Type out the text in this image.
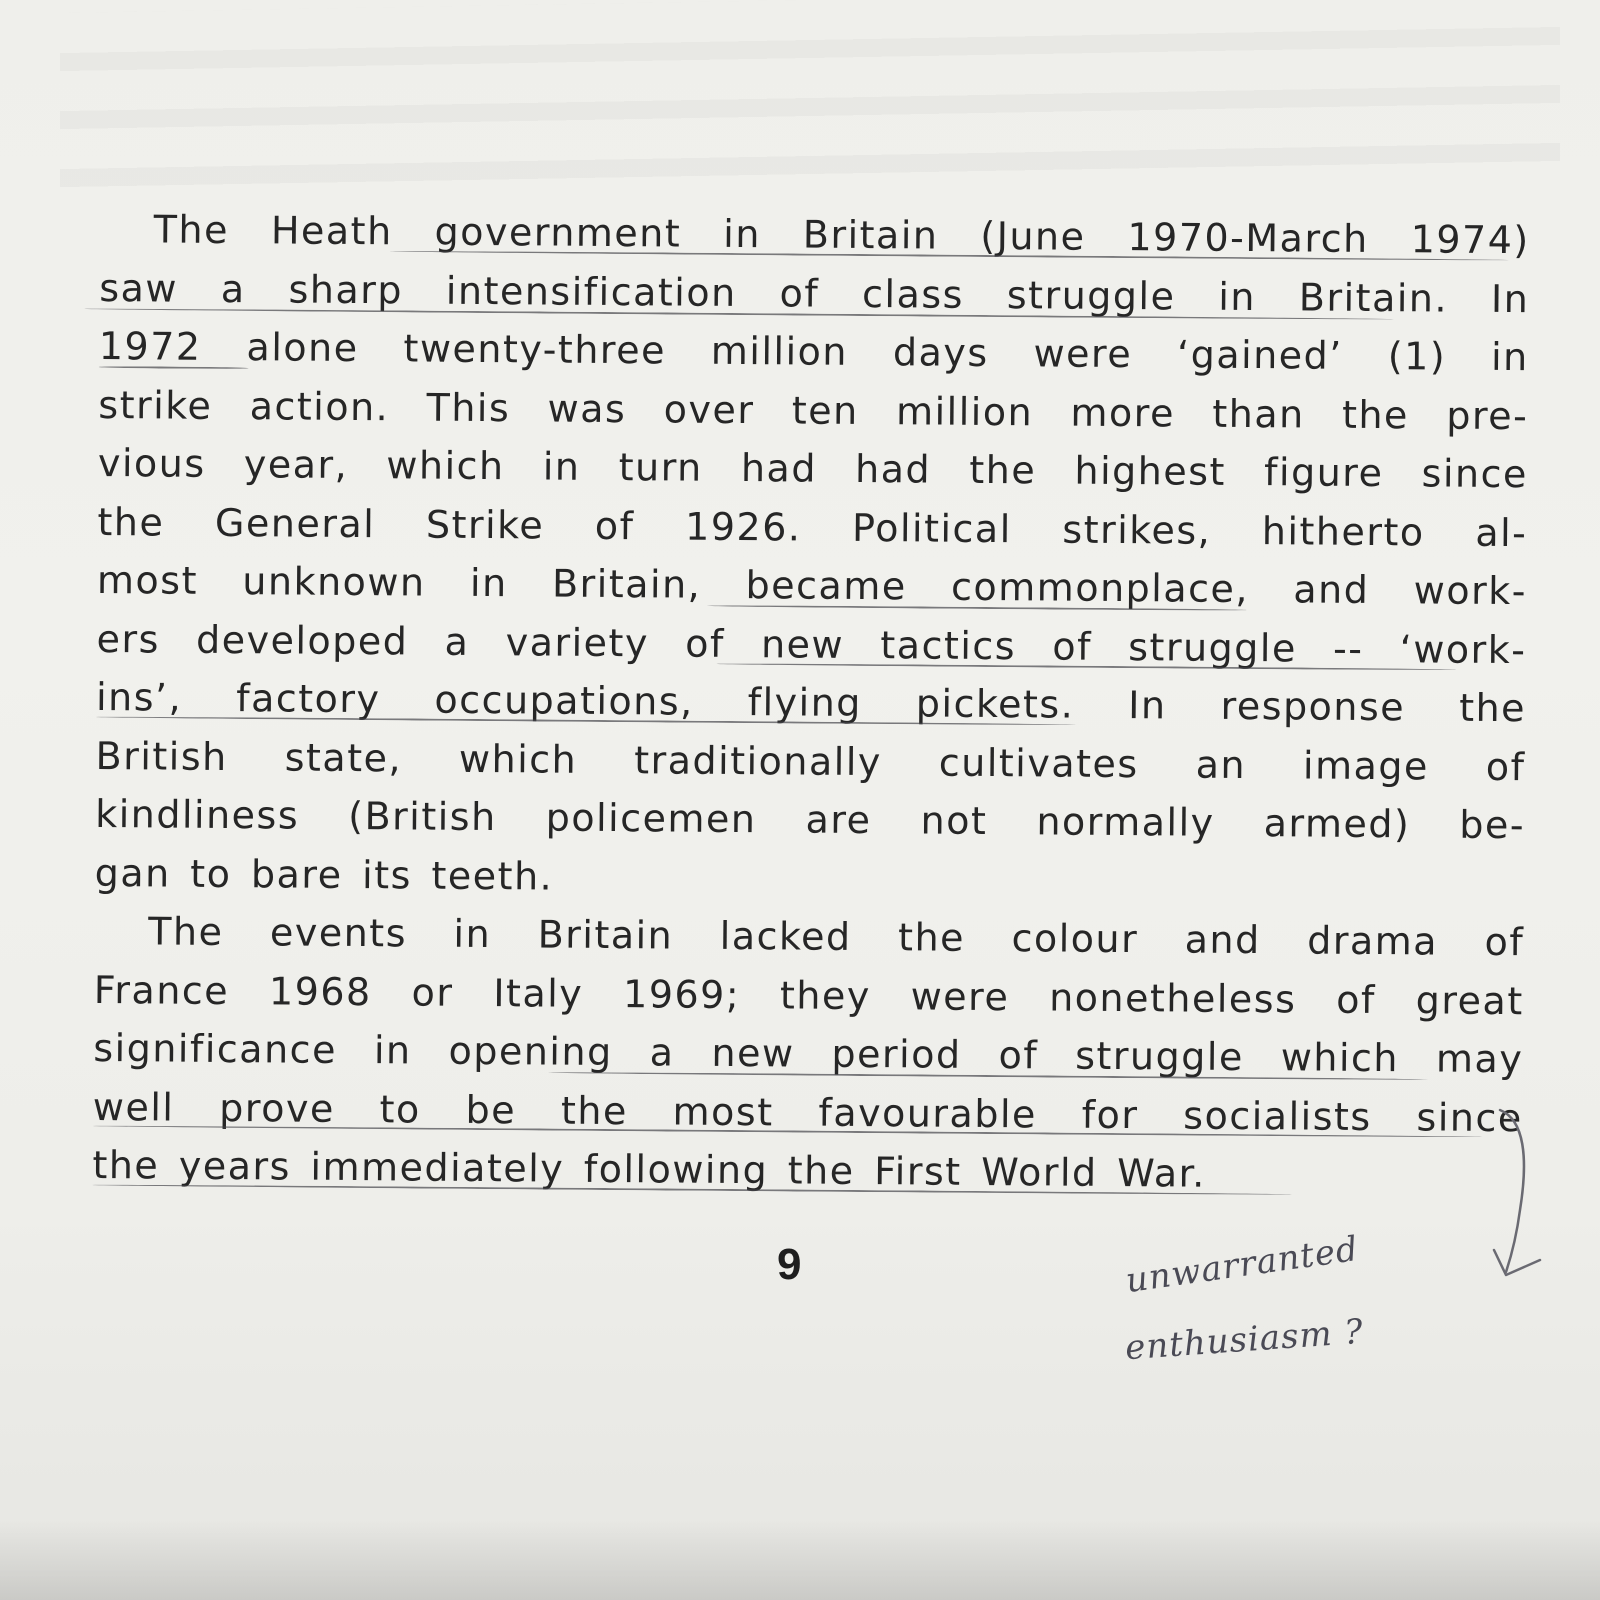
The Heath government in Britain (June 1970-March 1974)
saw a sharp intensification of class struggle in Britain. In
1972 alone twenty-three million days were ‘gained’ (1) in
strike action. This was over ten million more than the pre-
vious year, which in turn had had the highest figure since
the General Strike of 1926. Political strikes, hitherto al-
most unknown in Britain, became commonplace, and work-
ers developed a variety of new tactics of struggle -- ‘work-
ins’, factory occupations, flying pickets. In response the
British state, which traditionally cultivates an image of
kindliness (British policemen are not normally armed) be-
gan to bare its teeth.
The events in Britain lacked the colour and drama of
France 1968 or Italy 1969; they were nonetheless of great
significance in opening a new period of struggle which may
well prove to be the most favourable for socialists since
the years immediately following the First World War.
9	unwarranted
enthusiasm ?
